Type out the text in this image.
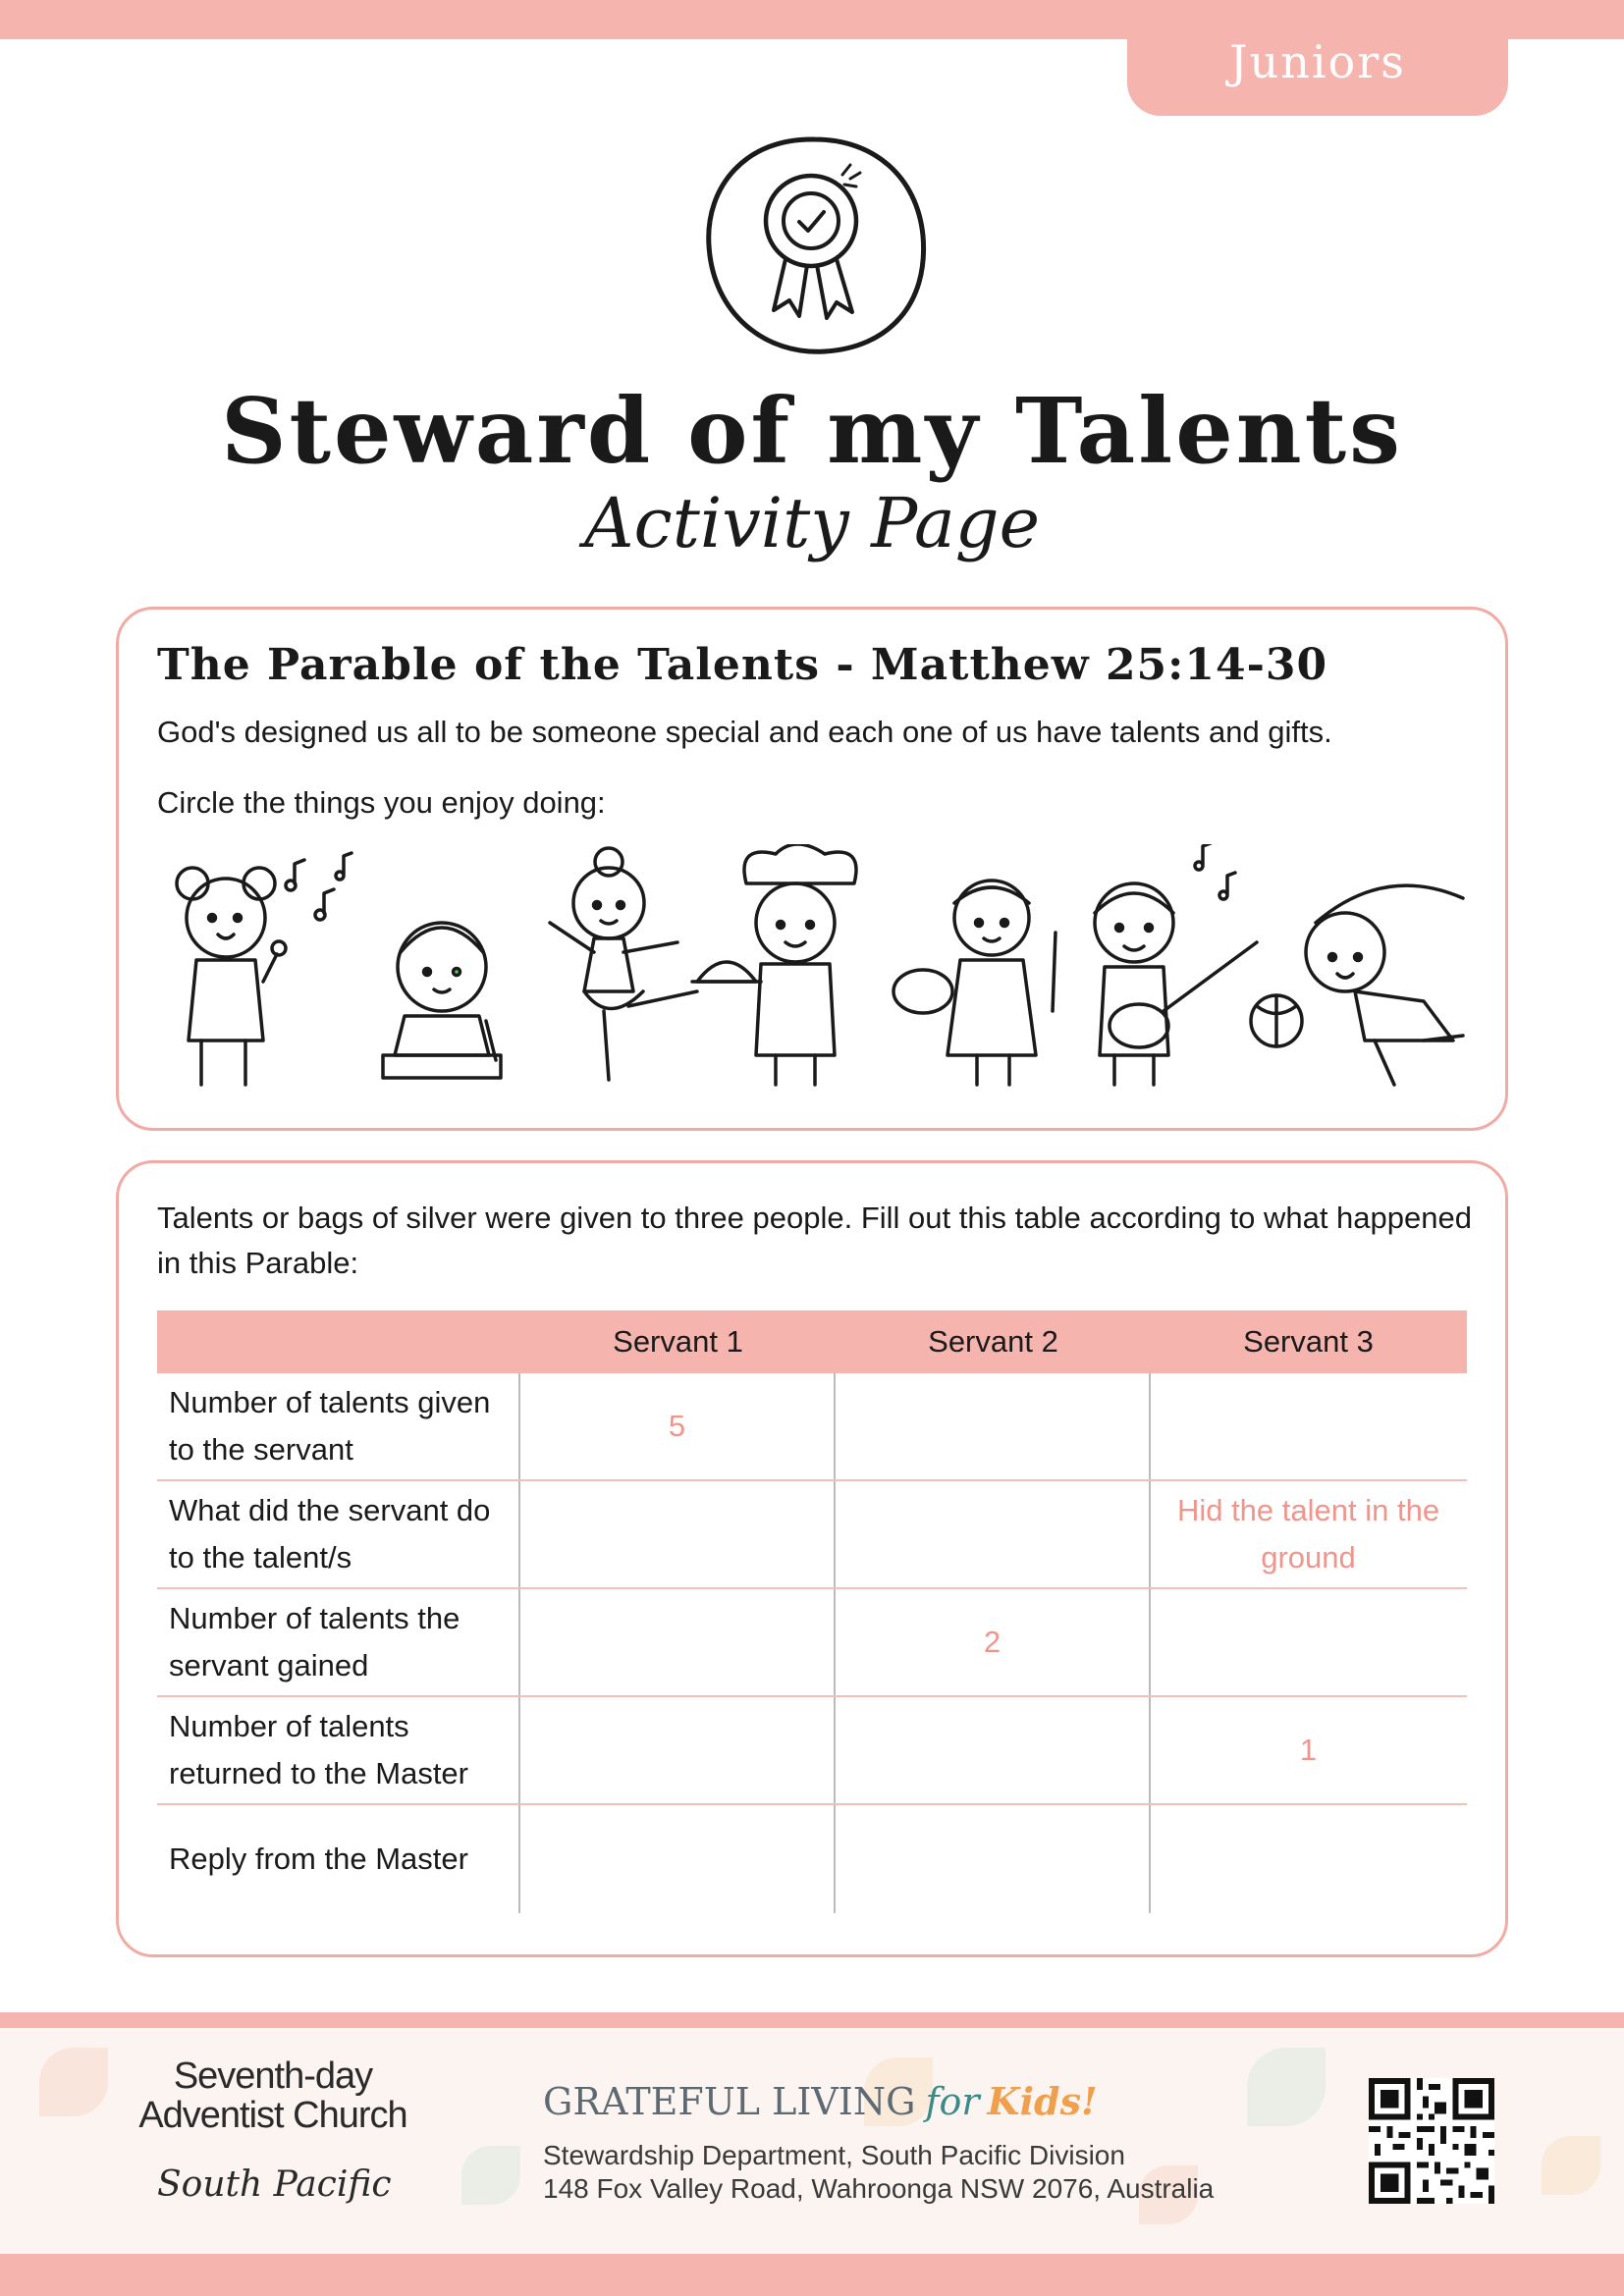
Juniors
Steward of my Talents
Activity Page
The Parable of the Talents - Matthew 25:14-30
God's designed us all to be someone special and each one of us have talents and gifts.
Circle the things you enjoy doing:
Talents or bags of silver were given to three people. Fill out this table according to what happened in this Parable:
Servant 1	Servant 2	Servant 3
Number of talents given to the servant
5
What did the servant do to the talent/s
Hid the talent in the ground
Number of talents the servant gained
2
Number of talents returned to the Master
1
Reply from the Master
Seventh-day
Adventist Church
South Pacific
GRATEFUL LIVING for Kids!
Stewardship Department, South Pacific Division
148 Fox Valley Road, Wahroonga NSW 2076, Australia
